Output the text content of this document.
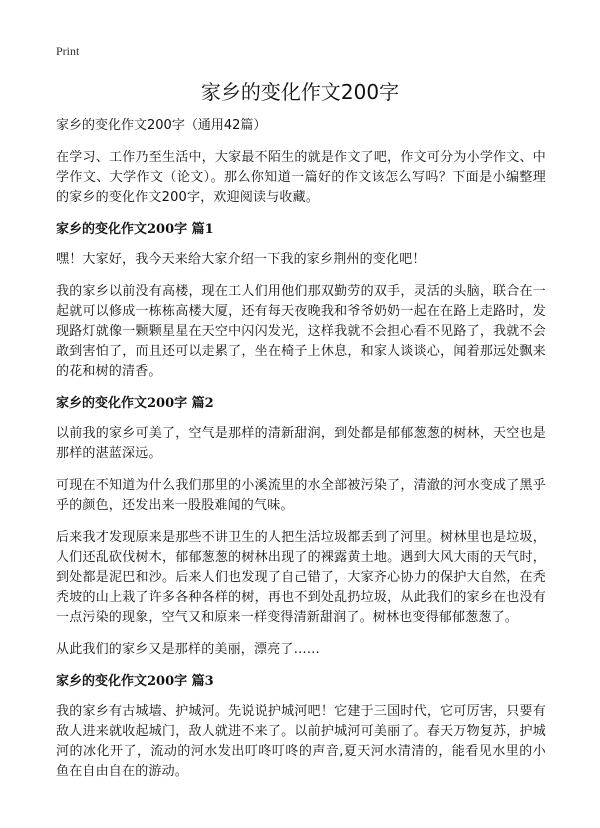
Print
家乡的变化作文200字

家乡的变化作文200字（通用42篇）

在学习、工作乃至生活中，大家最不陌生的就是作文了吧，作文可分为小学作文、中学作文、大学作文（论文）。那么你知道一篇好的作文该怎么写吗？下面是小编整理的家乡的变化作文200字，欢迎阅读与收藏。

家乡的变化作文200字 篇1

嘿！大家好，我今天来给大家介绍一下我的家乡荆州的变化吧！

我的家乡以前没有高楼，现在工人们用他们那双勤劳的双手，灵活的头脑，联合在一起就可以修成一栋栋高楼大厦，还有每天夜晚我和爷爷奶奶一起在在路上走路时，发现路灯就像一颗颗星星在天空中闪闪发光，这样我就不会担心看不见路了，我就不会敢到害怕了，而且还可以走累了，坐在椅子上休息，和家人谈谈心，闻着那远处飘来的花和树的清香。

家乡的变化作文200字 篇2

以前我的家乡可美了，空气是那样的清新甜润，到处都是郁郁葱葱的树林，天空也是那样的湛蓝深远。

可现在不知道为什么我们那里的小溪流里的水全部被污染了，清澈的河水变成了黑乎乎的颜色，还发出来一股股难闻的气味。

后来我才发现原来是那些不讲卫生的人把生活垃圾都丢到了河里。树林里也是垃圾，人们还乱砍伐树木，郁郁葱葱的树林出现了的裸露黄土地。遇到大风大雨的天气时，到处都是泥巴和沙。后来人们也发现了自己错了，大家齐心协力的保护大自然，在秃秃坡的山上栽了许多各种各样的树，再也不到处乱扔垃圾，从此我们的家乡在也没有一点污染的现象，空气又和原来一样变得清新甜润了。树林也变得郁郁葱葱了。

从此我们的家乡又是那样的美丽，漂亮了……

家乡的变化作文200字 篇3

我的家乡有古城墙、护城河。先说说护城河吧！它建于三国时代，它可厉害，只要有敌人进来就收起城门，敌人就进不来了。以前护城河可美丽了。春天万物复苏，护城河的冰化开了，流动的河水发出叮咚叮咚的声音,夏天河水清清的，能看见水里的小鱼在自由自在的游动。
